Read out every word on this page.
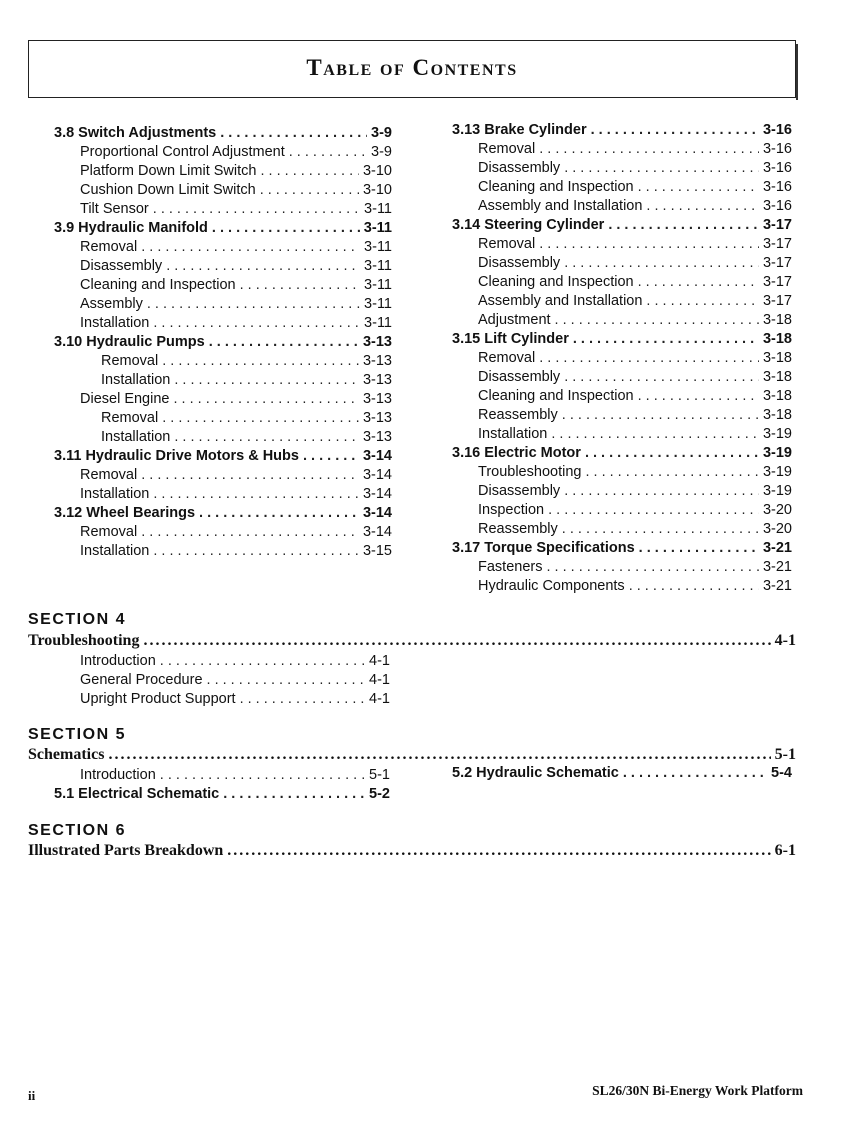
Table of Contents
3.8 Switch Adjustments . . .	3-9
Proportional Control Adjustment . . .	3-9
Platform Down Limit Switch . . .	3-10
Cushion Down Limit Switch . . .	3-10
Tilt Sensor . . .	3-11
3.9 Hydraulic Manifold . . .	3-11
Removal . . .	3-11
Disassembly . . .	3-11
Cleaning and Inspection . . .	3-11
Assembly . . .	3-11
Installation . . .	3-11
3.10 Hydraulic Pumps . . .	3-13
Removal . . .	3-13
Installation . . .	3-13
Diesel Engine . . .	3-13
Removal . . .	3-13
Installation . . .	3-13
3.11 Hydraulic Drive Motors & Hubs . . .	3-14
Removal . . .	3-14
Installation . . .	3-14
3.12 Wheel Bearings . . .	3-14
Removal . . .	3-14
Installation . . .	3-15
3.13 Brake Cylinder . . .	3-16
Removal . . .	3-16
Disassembly . . .	3-16
Cleaning and Inspection . . .	3-16
Assembly and Installation . . .	3-16
3.14 Steering Cylinder . . .	3-17
Removal . . .	3-17
Disassembly . . .	3-17
Cleaning and Inspection . . .	3-17
Assembly and Installation . . .	3-17
Adjustment . . .	3-18
3.15 Lift Cylinder . . .	3-18
Removal . . .	3-18
Disassembly . . .	3-18
Cleaning and Inspection . . .	3-18
Reassembly . . .	3-18
Installation . . .	3-19
3.16 Electric Motor . . .	3-19
Troubleshooting . . .	3-19
Disassembly . . .	3-19
Inspection . . .	3-20
Reassembly . . .	3-20
3.17 Torque Specifications . . .	3-21
Fasteners . . .	3-21
Hydraulic Components . . .	3-21
SECTION 4
Troubleshooting .....	4-1
Introduction . . .	4-1
General Procedure . . .	4-1
Upright Product Support . . .	4-1
SECTION 5
Schematics .....	5-1
Introduction . . .	5-1
5.1 Electrical Schematic . . .	5-2
5.2 Hydraulic Schematic . . .	5-4
SECTION 6
Illustrated Parts Breakdown .....	6-1
ii	SL26/30N Bi-Energy Work Platform
